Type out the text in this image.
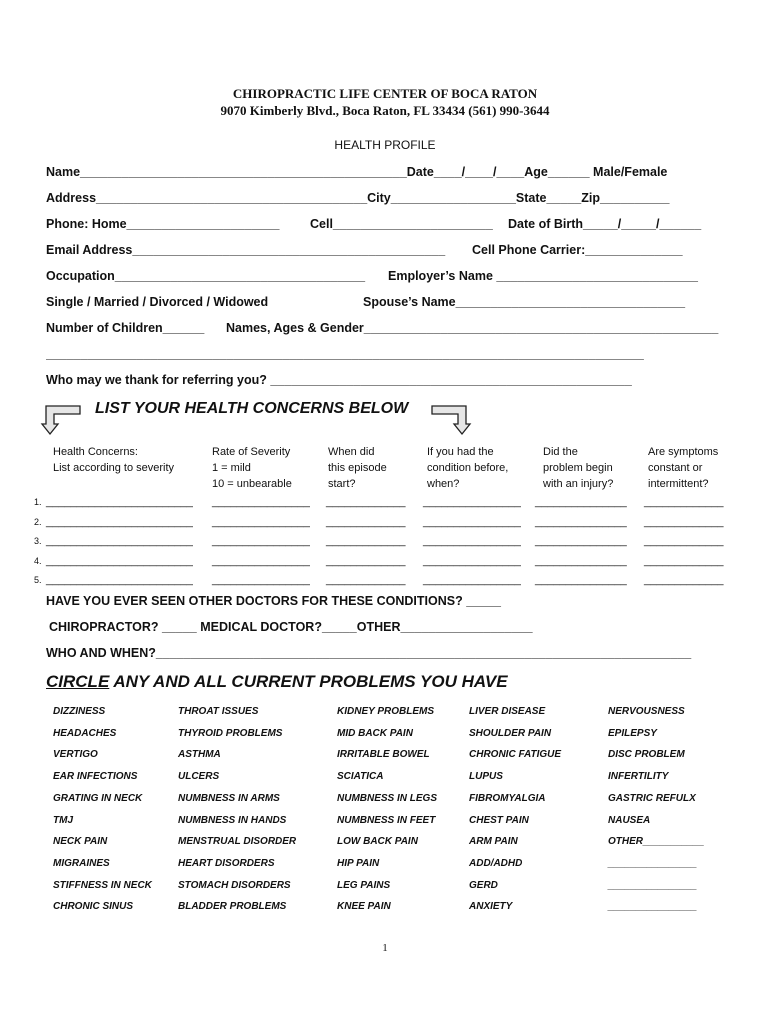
CHIROPRACTIC LIFE CENTER OF BOCA RATON
9070 Kimberly Blvd., Boca Raton, FL 33434 (561) 990-3644
HEALTH PROFILE
Name_______________________________________________Date____/____/____Age______ Male/Female
Address_______________________________________City__________________State_____Zip__________
Phone: Home______________________ Cell_______________________ Date of Birth_____/_____/______
Email Address_____________________________________________ Cell Phone Carrier:______________
Occupation____________________________________ Employer’s Name _____________________________
Single / Married / Divorced / Widowed	Spouse’s Name_________________________________
Number of Children______ Names, Ages & Gender___________________________________________________
______________________________________________________________________________________
Who may we thank for referring you? ____________________________________________________
LIST YOUR HEALTH CONCERNS BELOW
Health Concerns:
List according to severity
Rate of Severity
1 = mild
10 = unbearable
When did
this episode
start?
If you had the
condition before,
when?
Did the
problem begin
with an injury?
Are symptoms
constant or
intermittent?
1. ________________________ ________________ _____________ ________________ _______________ _____________
2. ________________________ ________________ _____________ ________________ _______________ _____________
3. ________________________ ________________ _____________ ________________ _______________ _____________
4. ________________________ ________________ _____________ ________________ _______________ _____________
5. ________________________ ________________ _____________ ________________ _______________ _____________
HAVE YOU EVER SEEN OTHER DOCTORS FOR THESE CONDITIONS? _____
CHIROPRACTOR? _____ MEDICAL DOCTOR?_____OTHER___________________
WHO AND WHEN?_____________________________________________________________________________
CIRCLE ANY AND ALL CURRENT PROBLEMS YOU HAVE
DIZZINESS
HEADACHES
VERTIGO
EAR INFECTIONS
GRATING IN NECK
TMJ
NECK PAIN
MIGRAINES
STIFFNESS IN NECK
CHRONIC SINUS
THROAT ISSUES
THYROID PROBLEMS
ASTHMA
ULCERS
NUMBNESS IN ARMS
NUMBNESS IN HANDS
MENSTRUAL DISORDER
HEART DISORDERS
STOMACH DISORDERS
BLADDER PROBLEMS
KIDNEY PROBLEMS
MID BACK PAIN
IRRITABLE BOWEL
SCIATICA
NUMBNESS IN LEGS
NUMBNESS IN FEET
LOW BACK PAIN
HIP PAIN
LEG PAINS
KNEE PAIN
LIVER DISEASE
SHOULDER PAIN
CHRONIC FATIGUE
LUPUS
FIBROMYALGIA
CHEST PAIN
ARM PAIN
ADD/ADHD
GERD
ANXIETY
NERVOUSNESS
EPILEPSY
DISC PROBLEM
INFERTILITY
GASTRIC REFULX
NAUSEA
OTHER___________
________________
________________
________________
1
